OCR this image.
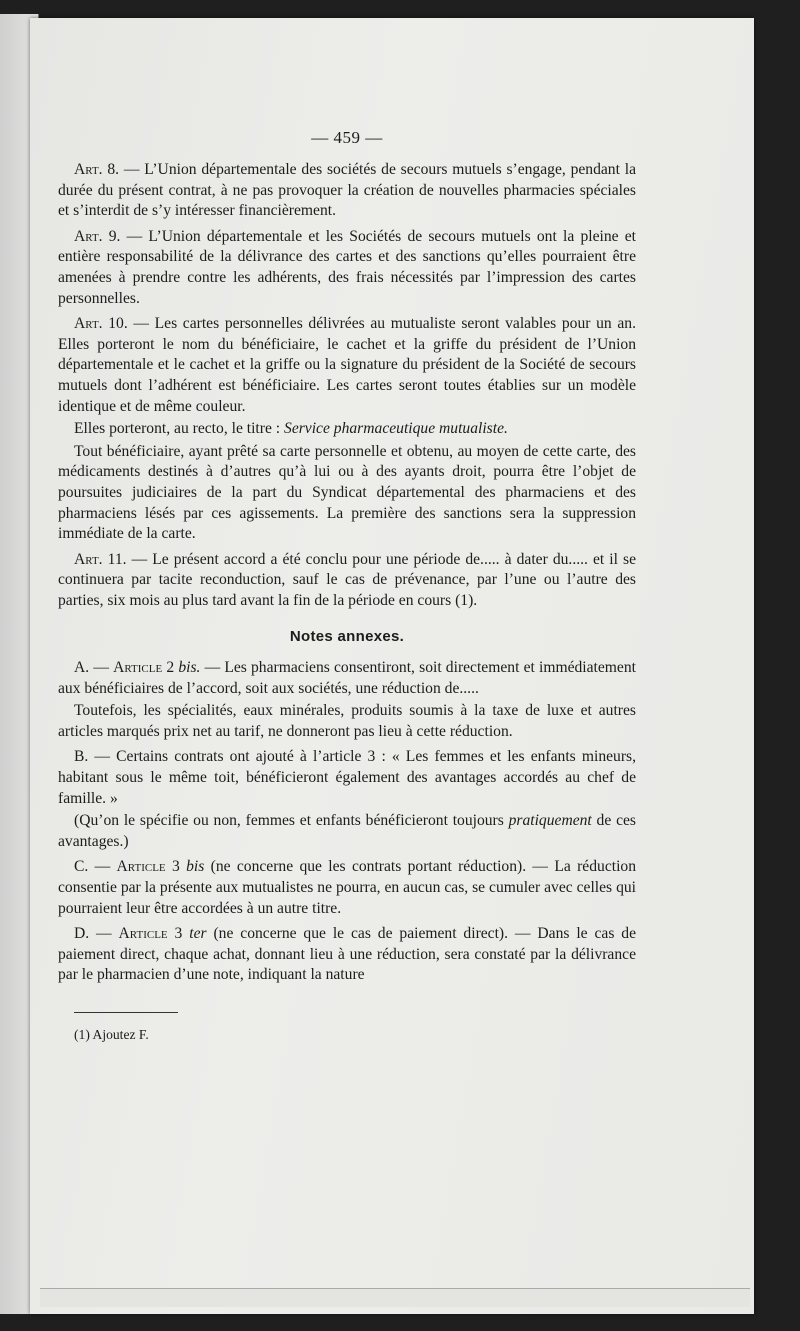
— 459 —

Art. 8. — L’Union départementale des sociétés de secours mutuels s’engage, pendant la durée du présent contrat, à ne pas provoquer la création de nouvelles pharmacies spéciales et s’interdit de s’y intéresser financièrement.

Art. 9. — L’Union départementale et les Sociétés de secours mutuels ont la pleine et entière responsabilité de la délivrance des cartes et des sanctions qu’elles pourraient être amenées à prendre contre les adhérents, des frais nécessités par l’impression des cartes personnelles.

Art. 10. — Les cartes personnelles délivrées au mutualiste seront valables pour un an. Elles porteront le nom du bénéficiaire, le cachet et la griffe du président de l’Union départementale et le cachet et la griffe ou la signature du président de la Société de secours mutuels dont l’adhérent est bénéficiaire. Les cartes seront toutes établies sur un modèle identique et de même couleur.

Elles porteront, au recto, le titre : Service pharmaceutique mutualiste.

Tout bénéficiaire, ayant prêté sa carte personnelle et obtenu, au moyen de cette carte, des médicaments destinés à d’autres qu’à lui ou à des ayants droit, pourra être l’objet de poursuites judiciaires de la part du Syndicat départemental des pharmaciens et des pharmaciens lésés par ces agissements. La première des sanctions sera la suppression immédiate de la carte.

Art. 11. — Le présent accord a été conclu pour une période de..... à dater du..... et il se continuera par tacite reconduction, sauf le cas de prévenance, par l’une ou l’autre des parties, six mois au plus tard avant la fin de la période en cours (1).

Notes annexes.

A. — Article 2 bis. — Les pharmaciens consentiront, soit directement et immédiatement aux bénéficiaires de l’accord, soit aux sociétés, une réduction de.....

Toutefois, les spécialités, eaux minérales, produits soumis à la taxe de luxe et autres articles marqués prix net au tarif, ne donneront pas lieu à cette réduction.

B. — Certains contrats ont ajouté à l’article 3 : « Les femmes et les enfants mineurs, habitant sous le même toit, bénéficieront également des avantages accordés au chef de famille. »

(Qu’on le spécifie ou non, femmes et enfants bénéficieront toujours pratiquement de ces avantages.)

C. — Article 3 bis (ne concerne que les contrats portant réduction). — La réduction consentie par la présente aux mutualistes ne pourra, en aucun cas, se cumuler avec celles qui pourraient leur être accordées à un autre titre.

D. — Article 3 ter (ne concerne que le cas de paiement direct). — Dans le cas de paiement direct, chaque achat, donnant lieu à une réduction, sera constaté par la délivrance par le pharmacien d’une note, indiquant la nature

(1) Ajoutez F.
